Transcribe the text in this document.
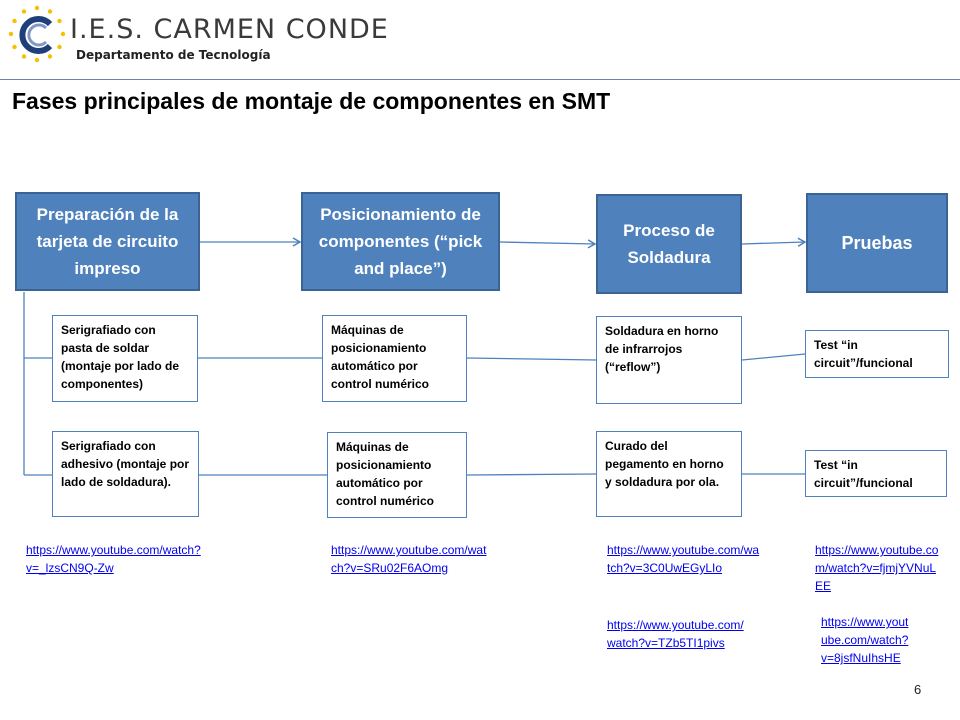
I.E.S. CARMEN CONDE
Departamento de Tecnología
Fases principales de montaje de componentes en SMT
Preparación de la tarjeta de circuito impreso
Posicionamiento de componentes (“pick and place”)
Proceso de Soldadura
Pruebas
Serigrafiado con pasta de soldar (montaje por lado de componentes)
Máquinas de posicionamiento automático por control numérico
Soldadura en horno de infrarrojos (“reflow”)
Test “in circuit”/funcional
Serigrafiado con adhesivo (montaje por lado de soldadura).
Máquinas de posicionamiento automático por control numérico
Curado del pegamento en horno y soldadura por ola.
Test “in circuit”/funcional
https://www.youtube.com/watch?v=_lzsCN9Q-Zw
https://www.youtube.com/watch?v=SRu02F6AOmg
https://www.youtube.com/watch?v=3C0UwEGyLIo
https://www.youtube.com/watch?v=TZb5TI1pivs
https://www.youtube.com/watch?v=fjmjYVNuLEE
https://www.youtube.com/watch?v=8jsfNuIhsHE
6
